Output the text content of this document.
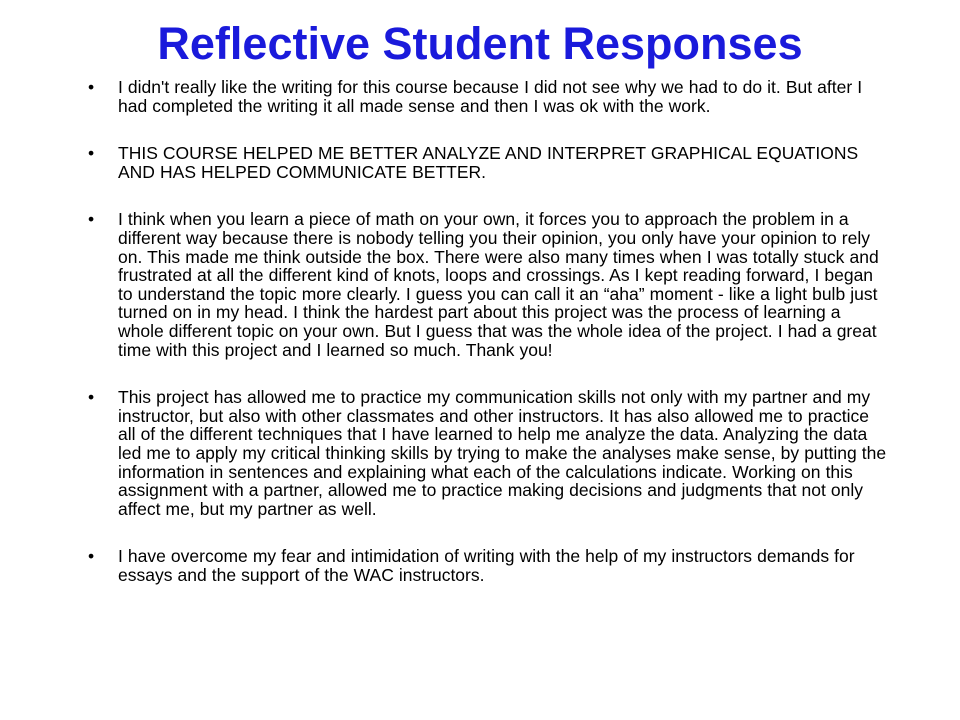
Reflective Student Responses
•	I didn't really like the writing for this course because I did not see why we had to do it. But after I had completed the writing it all made sense and then I was ok with the work.
•	THIS COURSE HELPED ME BETTER ANALYZE AND INTERPRET GRAPHICAL EQUATIONS AND HAS HELPED COMMUNICATE BETTER.
•	I think when you learn a piece of math on your own, it forces you to approach the problem in a different way because there is nobody telling you their opinion, you only have your opinion to rely on. This made me think outside the box. There were also many times when I was totally stuck and frustrated at all the different kind of knots, loops and crossings. As I kept reading forward, I began to understand the topic more clearly. I guess you can call it an “aha” moment - like a light bulb just turned on in my head. I think the hardest part about this project was the process of learning a whole different topic on your own. But I guess that was the whole idea of the project. I had a great time with this project and I learned so much. Thank you!
•	This project has allowed me to practice my communication skills not only with my partner and my instructor, but also with other classmates and other instructors. It has also allowed me to practice all of the different techniques that I have learned to help me analyze the data. Analyzing the data led me to apply my critical thinking skills by trying to make the analyses make sense, by putting the information in sentences and explaining what each of the calculations indicate. Working on this assignment with a partner, allowed me to practice making decisions and judgments that not only affect me, but my partner as well.
•	I have overcome my fear and intimidation of writing with the help of my instructors demands for essays and the support of the WAC instructors.
